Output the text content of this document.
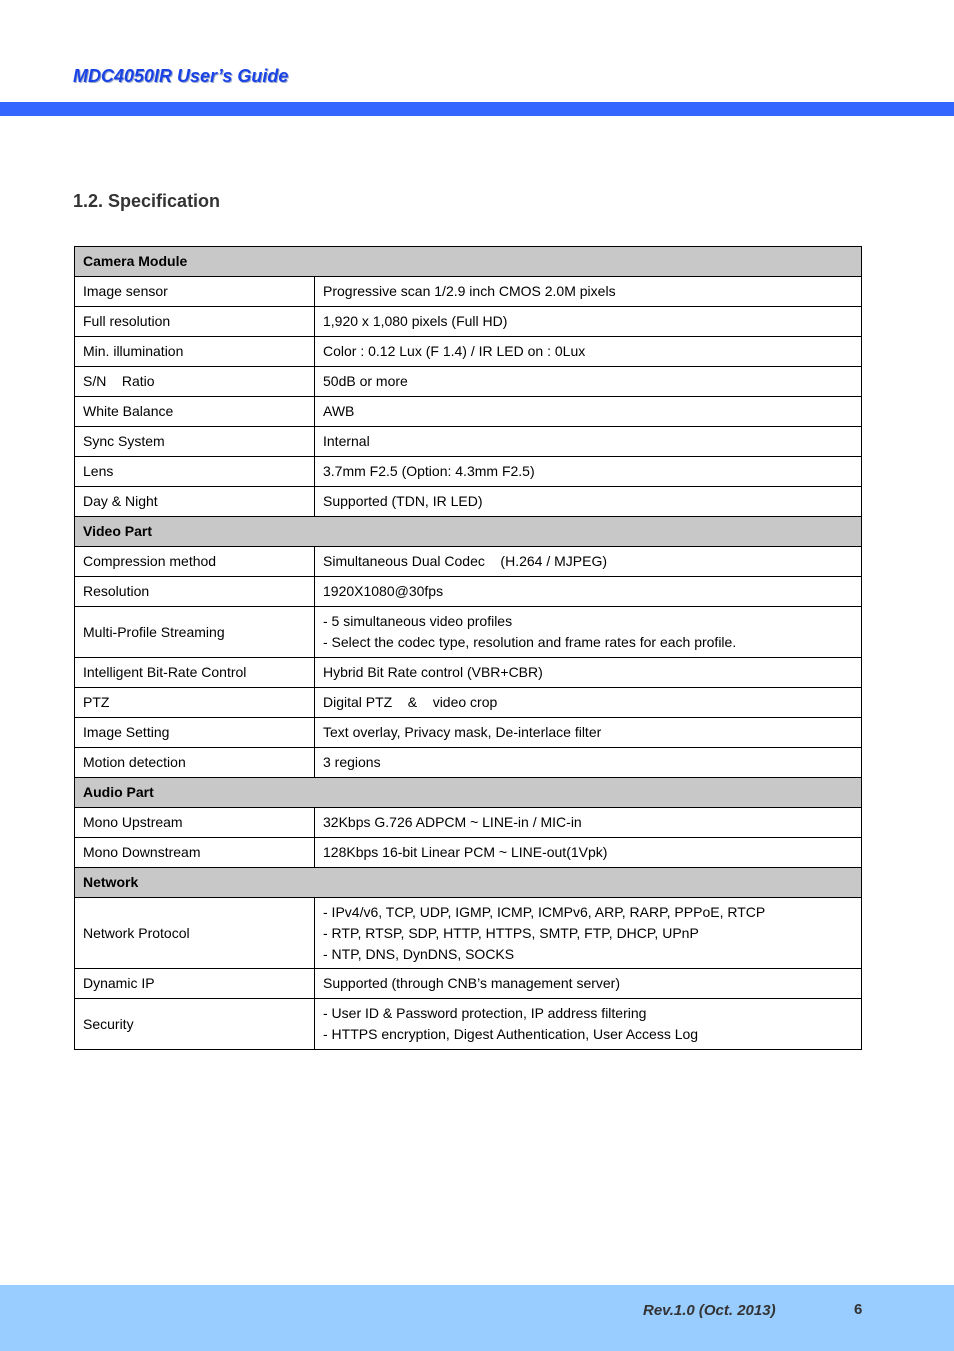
MDC4050IR User’s Guide
1.2. Specification
Camera Module	
Image sensor	Progressive scan 1/2.9 inch CMOS 2.0M pixels

Full resolution	1,920 x 1,080 pixels (Full HD)

Min. illumination	Color : 0.12 Lux (F 1.4) / IR LED on : 0Lux

S/N    Ratio	50dB or more

White Balance	AWB

Sync System	Internal

Lens	3.7mm F2.5 (Option: 4.3mm F2.5)

Day & Night	Supported (TDN, IR LED)

Video Part	
Compression method	Simultaneous Dual Codec    (H.264 / MJPEG)

Resolution	1920X1080@30fps

Multi-Profile Streaming	- 5 simultaneous video profiles
- Select the codec type, resolution and frame rates for each profile.

Intelligent Bit-Rate Control	Hybrid Bit Rate control (VBR+CBR)

PTZ	Digital PTZ    &    video crop

Image Setting	Text overlay, Privacy mask, De-interlace filter

Motion detection	3 regions

Audio Part	
Mono Upstream	32Kbps G.726 ADPCM ~ LINE-in / MIC-in

Mono Downstream	128Kbps 16-bit Linear PCM ~ LINE-out(1Vpk)

Network	
Network Protocol	- IPv4/v6, TCP, UDP, IGMP, ICMP, ICMPv6, ARP, RARP, PPPoE, RTCP
- RTP, RTSP, SDP, HTTP, HTTPS, SMTP, FTP, DHCP, UPnP
- NTP, DNS, DynDNS, SOCKS

Dynamic IP	Supported (through CNB’s management server)

Security	- User ID & Password protection, IP address filtering
- HTTPS encryption, Digest Authentication, User Access Log
Rev.1.0 (Oct. 2013)	6
